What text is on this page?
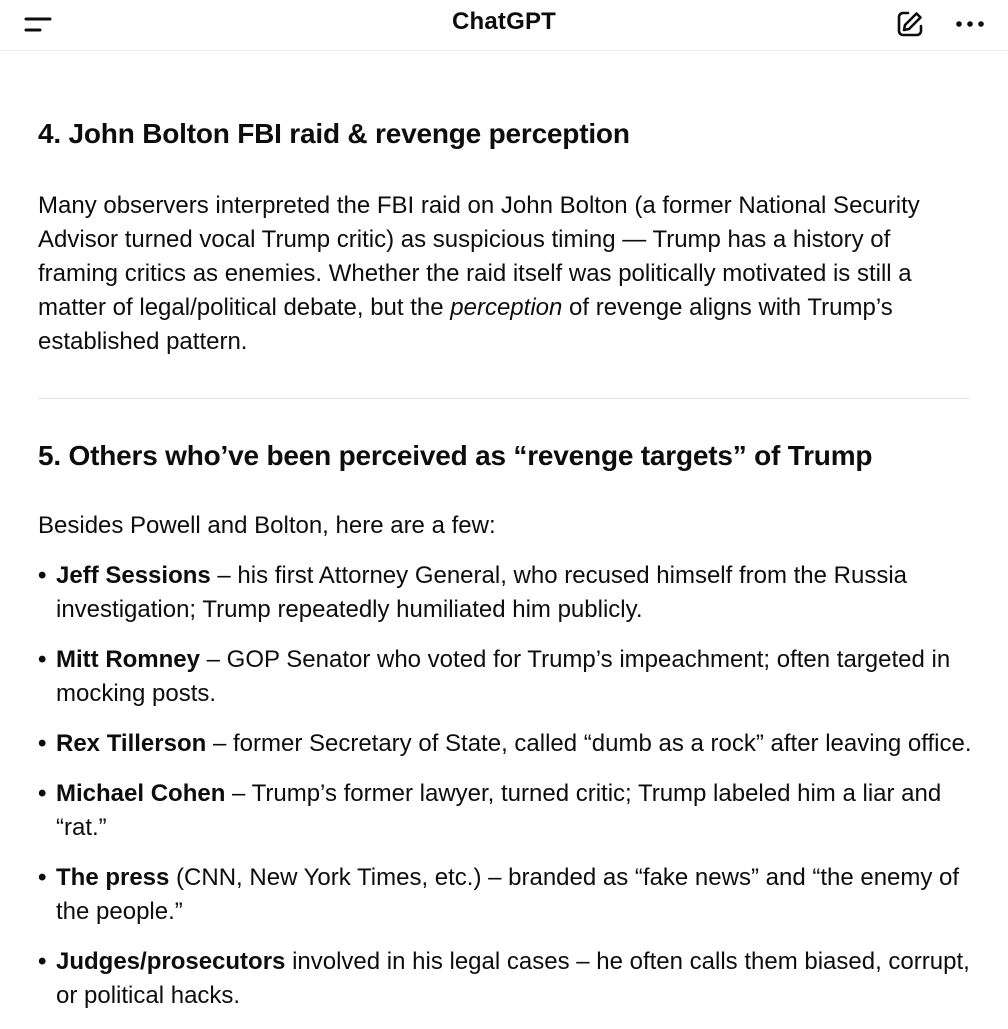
ChatGPT
4. John Bolton FBI raid & revenge perception

Many observers interpreted the FBI raid on John Bolton (a former National Security Advisor turned vocal Trump critic) as suspicious timing — Trump has a history of framing critics as enemies. Whether the raid itself was politically motivated is still a matter of legal/political debate, but the perception of revenge aligns with Trump’s established pattern.

5. Others who’ve been perceived as “revenge targets” of Trump

Besides Powell and Bolton, here are a few:

• Jeff Sessions – his first Attorney General, who recused himself from the Russia investigation; Trump repeatedly humiliated him publicly.
• Mitt Romney – GOP Senator who voted for Trump’s impeachment; often targeted in mocking posts.
• Rex Tillerson – former Secretary of State, called “dumb as a rock” after leaving office.
• Michael Cohen – Trump’s former lawyer, turned critic; Trump labeled him a liar and “rat.”
• The press (CNN, New York Times, etc.) – branded as “fake news” and “the enemy of the people.”
• Judges/prosecutors involved in his legal cases – he often calls them biased, corrupt, or political hacks.
